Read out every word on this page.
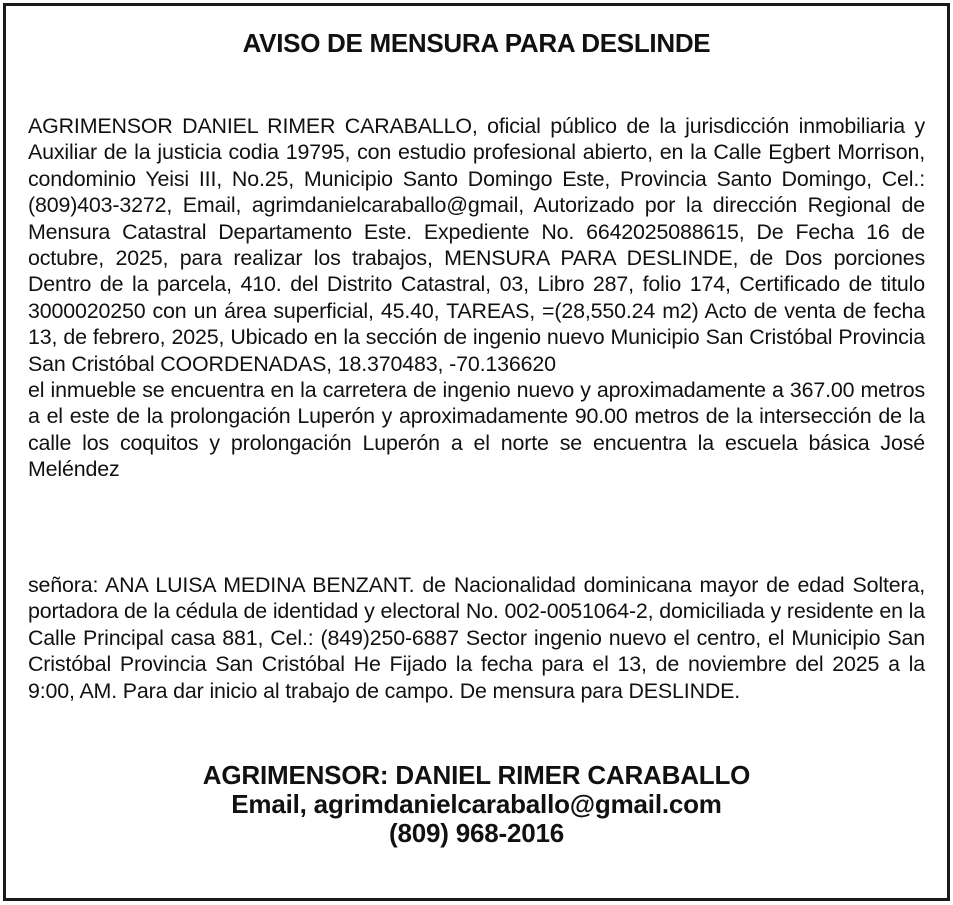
AVISO DE MENSURA PARA DESLINDE

AGRIMENSOR DANIEL RIMER CARABALLO, oficial público de la jurisdicción inmobiliaria y Auxiliar de la justicia codia 19795, con estudio profesional abierto, en la Calle Egbert Morrison, condominio Yeisi III, No.25, Municipio Santo Domingo Este, Provincia Santo Domingo, Cel.: (809)403-3272, Email, agrimdanielcaraballo@gmail, Autorizado por la dirección Regional de Mensura Catastral Departamento Este. Expediente No. 6642025088615, De Fecha 16 de octubre, 2025, para realizar los trabajos, MENSURA PARA DESLINDE, de Dos porciones Dentro de la parcela, 410. del Distrito Catastral, 03, Libro 287, folio 174, Certificado de titulo 3000020250 con un área superficial, 45.40, TAREAS, =(28,550.24 m2) Acto de venta de fecha 13, de febrero, 2025, Ubicado en la sección de ingenio nuevo Municipio San Cristóbal Provincia San Cristóbal COORDENADAS, 18.370483, -70.136620

el inmueble se encuentra en la carretera de ingenio nuevo y aproximadamente a 367.00 metros a el este de la prolongación Luperón y aproximadamente 90.00 metros de la intersección de la calle los coquitos y prolongación Luperón a el norte se encuentra la escuela básica José Meléndez

señora: ANA LUISA MEDINA BENZANT. de Nacionalidad dominicana mayor de edad Soltera, portadora de la cédula de identidad y electoral No. 002-0051064-2, domiciliada y residente en la Calle Principal casa 881, Cel.: (849)250-6887 Sector ingenio nuevo el centro, el Municipio San Cristóbal Provincia San Cristóbal He Fijado la fecha para el 13, de noviembre del 2025 a la 9:00, AM. Para dar inicio al trabajo de campo. De mensura para DESLINDE.

AGRIMENSOR: DANIEL RIMER CARABALLO
Email, agrimdanielcaraballo@gmail.com
(809) 968-2016
